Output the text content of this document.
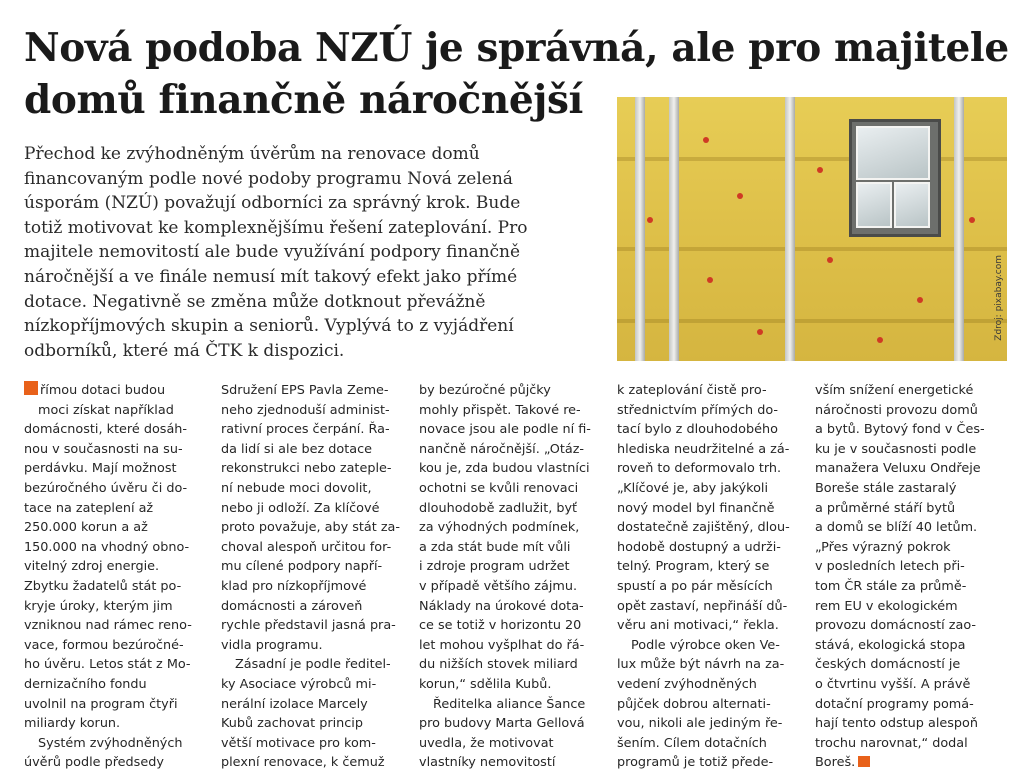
Nová podoba NZÚ je správná, ale pro majitele
domů finančně náročnější

Přechod ke zvýhodněným úvěrům na renovace domů
financovaným podle nové podoby programu Nová zelená
úsporám (NZÚ) považují odborníci za správný krok. Bude
totiž motivovat ke komplexnějšímu řešení zateplování. Pro
majitele nemovitostí ale bude využívání podpory finančně
náročnější a ve finále nemusí mít takový efekt jako přímé
dotace. Negativně se změna může dotknout převážně
nízkopříjmových skupin a seniorů. Vyplývá to z vyjádření
odborníků, které má ČTK k dispozici.

Zdroj: pixabay.com
římou dotaci budou
moci získat například
domácnosti, které dosáh-
nou v současnosti na su-
perdávku. Mají možnost
bezúročného úvěru či do-
tace na zateplení až
250.000 korun a až
150.000 na vhodný obno-
vitelný zdroj energie.
Zbytku žadatelů stát po-
kryje úroky, kterým jim
vzniknou nad rámec reno-
vace, formou bezúročné-
ho úvěru. Letos stát z Mo-
dernizačního fondu
uvolnil na program čtyři
miliardy korun.
Systém zvýhodněných
úvěrů podle předsedy
Sdružení EPS Pavla Zeme-
neho zjednoduší administ-
rativní proces čerpání. Řa-
da lidí si ale bez dotace
rekonstrukci nebo zateple-
ní nebude moci dovolit,
nebo ji odloží. Za klíčové
proto považuje, aby stát za-
choval alespoň určitou for-
mu cílené podpory napří-
klad pro nízkopříjmové
domácnosti a zároveň
rychle představil jasná pra-
vidla programu.
Zásadní je podle ředitel-
ky Asociace výrobců mi-
nerální izolace Marcely
Kubů zachovat princip
větší motivace pro kom-
plexní renovace, k čemuž
by bezúročné půjčky
mohly přispět. Takové re-
novace jsou ale podle ní fi-
nančně náročnější. „Otáz-
kou je, zda budou vlastníci
ochotni se kvůli renovaci
dlouhodobě zadlužit, byť
za výhodných podmínek,
a zda stát bude mít vůli
i zdroje program udržet
v případě většího zájmu.
Náklady na úrokové dota-
ce se totiž v horizontu 20
let mohou vyšplhat do řá-
du nižších stovek miliard
korun,“ sdělila Kubů.
Ředitelka aliance Šance
pro budovy Marta Gellová
uvedla, že motivovat
vlastníky nemovitostí
k zateplování čistě pro-
střednictvím přímých do-
tací bylo z dlouhodobého
hlediska neudržitelné a zá-
roveň to deformovalo trh.
„Klíčové je, aby jakýkoli
nový model byl finančně
dostatečně zajištěný, dlou-
hodobě dostupný a udrži-
telný. Program, který se
spustí a po pár měsících
opět zastaví, nepřináší dů-
věru ani motivaci,“ řekla.
Podle výrobce oken Ve-
lux může být návrh na za-
vedení zvýhodněných
půjček dobrou alternati-
vou, nikoli ale jediným ře-
šením. Cílem dotačních
programů je totiž přede-
vším snížení energetické
náročnosti provozu domů
a bytů. Bytový fond v Čes-
ku je v současnosti podle
manažera Veluxu Ondřeje
Boreše stále zastaralý
a průměrné stáří bytů
a domů se blíží 40 letům.
„Přes výrazný pokrok
v posledních letech při-
tom ČR stále za průmě-
rem EU v ekologickém
provozu domácností zao-
stává, ekologická stopa
českých domácností je
o čtvrtinu vyšší. A právě
dotační programy pomá-
hají tento odstup alespoň
trochu narovnat,“ dodal
Boreš.
